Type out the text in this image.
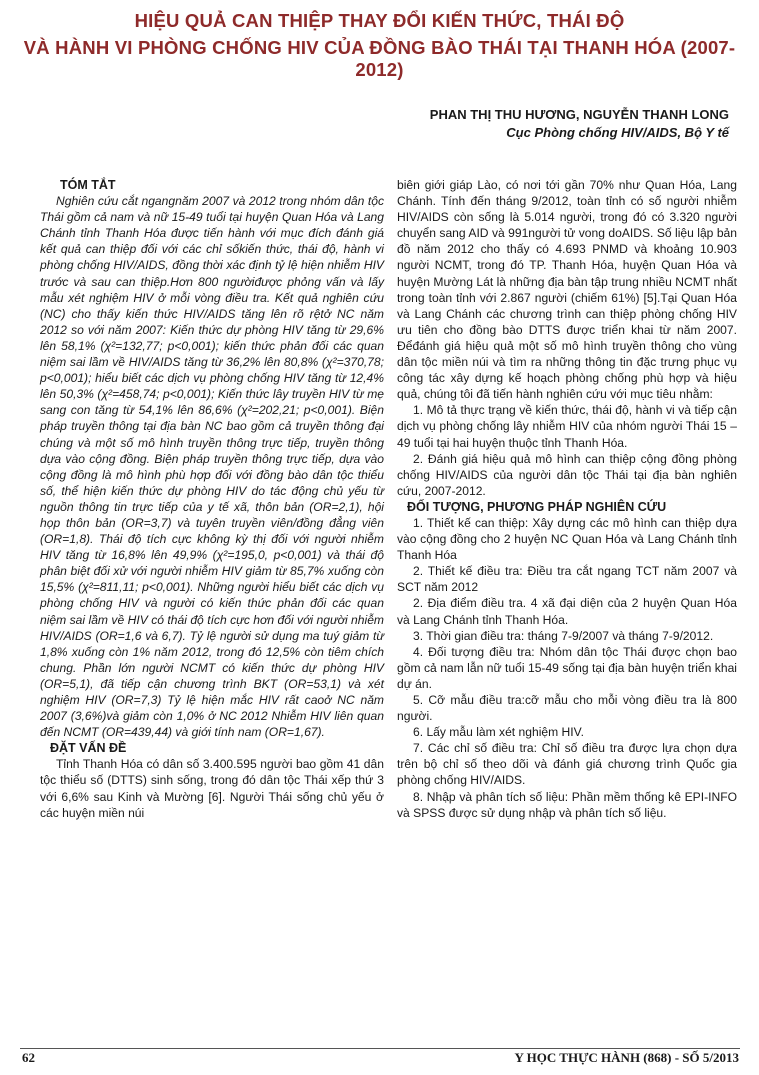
HIỆU QUẢ CAN THIỆP THAY ĐỔI KIẾN THỨC, THÁI ĐỘ
VÀ HÀNH VI PHÒNG CHỐNG HIV CỦA ĐỒNG BÀO THÁI TẠI THANH HÓA (2007-2012)
PHAN THỊ THU HƯƠNG, NGUYỄN THANH LONG
Cục Phòng chống HIV/AIDS, Bộ Y tế
TÓM TẮT

Nghiên cứu cắt ngangnăm 2007 và 2012 trong nhóm dân tộc Thái gồm cả nam và nữ 15-49 tuổi tại huyện Quan Hóa và Lang Chánh tỉnh Thanh Hóa được tiến hành với mục đích đánh giá kết quả can thiệp đối với các chỉ sốkiến thức, thái độ, hành vi phòng chống HIV/AIDS, đồng thời xác định tỷ lệ hiện nhiễm HIV trước và sau can thiệp.Hơn 800 ngườiđược phỏng vấn và lấy mẫu xét nghiệm HIV ở mỗi vòng điều tra. Kết quả nghiên cứu (NC) cho thấy kiến thức HIV/AIDS tăng lên rõ rệtở NC năm 2012 so với năm 2007: Kiến thức dự phòng HIV tăng từ 29,6% lên 58,1% (χ²=132,77; p<0,001); kiến thức phản đối các quan niệm sai lầm về HIV/AIDS tăng từ 36,2% lên 80,8% (χ²=370,78; p<0,001); hiểu biết các dịch vụ phòng chống HIV tăng từ 12,4% lên 50,3% (χ²=458,74; p<0,001); Kiến thức lây truyền HIV từ mẹ sang con tăng từ 54,1% lên 86,6% (χ²=202,21; p<0,001). Biện pháp truyền thông tại địa bàn NC bao gồm cả truyền thông đại chúng và một số mô hình truyền thông trực tiếp, truyền thông dựa vào cộng đồng. Biện pháp truyền thông trực tiếp, dựa vào cộng đồng là mô hình phù hợp đối với đồng bào dân tộc thiểu số, thể hiện kiến thức dự phòng HIV do tác động chủ yếu từ nguồn thông tin trực tiếp của y tế xã, thôn bản (OR=2,1), hội họp thôn bản (OR=3,7) và tuyên truyền viên/đồng đẳng viên (OR=1,8). Thái độ tích cực không kỳ thị đối với người nhiễm HIV tăng từ 16,8% lên 49,9% (χ²=195,0, p<0,001) và thái độ phân biệt đối xử với người nhiễm HIV giảm từ 85,7% xuống còn 15,5% (χ²=811,11; p<0,001). Những người hiểu biết các dịch vụ phòng chống HIV và người có kiến thức phản đối các quan niệm sai lầm về HIV có thái độ tích cực hơn đối với người nhiễm HIV/AIDS (OR=1,6 và 6,7). Tỷ lệ người sử dụng ma tuý giảm từ 1,8% xuống còn 1% năm 2012, trong đó 12,5% còn tiêm chích chung. Phần lớn người NCMT có kiến thức dự phòng HIV (OR=5,1), đã tiếp cận chương trình BKT (OR=53,1) và xét nghiệm HIV (OR=7,3) Tỷ lệ hiện mắc HIV rất caoở NC năm 2007 (3,6%)và giảm còn 1,0% ở NC 2012 Nhiễm HIV liên quan đến NCMT (OR=439,44) và giới tính nam (OR=1,67).

ĐẶT VẤN ĐỀ

Tỉnh Thanh Hóa có dân số 3.400.595 người bao gồm 41 dân tộc thiểu số (DTTS) sinh sống, trong đó dân tộc Thái xếp thứ 3 với 6,6% sau Kinh và Mường [6]. Người Thái sống chủ yếu ở các huyện miền núi

biên giới giáp Lào, có nơi tới gần 70% như Quan Hóa, Lang Chánh. Tính đến tháng 9/2012, toàn tỉnh có số người nhiễm HIV/AIDS còn sống là 5.014 người, trong đó có 3.320 người chuyển sang AID và 991người tử vong doAIDS. Số liệu lập bản đồ năm 2012 cho thấy có 4.693 PNMD và khoảng 10.903 người NCMT, trong đó TP. Thanh Hóa, huyện Quan Hóa và huyện Mường Lát là những địa bàn tập trung nhiều NCMT nhất trong toàn tỉnh với 2.867 người (chiếm 61%) [5].Tại Quan Hóa và Lang Chánh các chương trình can thiệp phòng chống HIV ưu tiên cho đồng bào DTTS được triển khai từ năm 2007. Đểđánh giá hiệu quả một số mô hình truyền thông cho vùng dân tộc miền núi và tìm ra những thông tin đặc trưng phục vụ công tác xây dựng kế hoạch phòng chống phù hợp và hiệu quả, chúng tôi đã tiến hành nghiên cứu với mục tiêu nhằm:

1. Mô tả thực trạng về kiến thức, thái độ, hành vi và tiếp cận dịch vụ phòng chống lây nhiễm HIV của nhóm người Thái 15 – 49 tuổi tại hai huyện thuộc tỉnh Thanh Hóa.

2. Đánh giá hiệu quả mô hình can thiệp cộng đồng phòng chống HIV/AIDS của người dân tộc Thái tại địa bàn nghiên cứu, 2007-2012.

ĐỐI TƯỢNG, PHƯƠNG PHÁP NGHIÊN CỨU

1. Thiết kế can thiệp: Xây dựng các mô hình can thiệp dựa vào cộng đồng cho 2 huyện NC Quan Hóa và Lang Chánh tỉnh Thanh Hóa

2. Thiết kế điều tra: Điều tra cắt ngang TCT năm 2007 và SCT năm 2012

2. Địa điểm điều tra. 4 xã đại diện của 2 huyện Quan Hóa và Lang Chánh tỉnh Thanh Hóa.

3. Thời gian điều tra: tháng 7-9/2007 và tháng 7-9/2012.

4. Đối tượng điều tra: Nhóm dân tộc Thái được chọn bao gồm cả nam lẫn nữ tuổi 15-49 sống tại địa bàn huyện triển khai dự án.

5. Cỡ mẫu điều tra:cỡ mẫu cho mỗi vòng điều tra là 800 người.

6. Lấy mẫu làm xét nghiệm HIV.

7. Các chỉ số điều tra: Chỉ số điều tra được lựa chọn dựa trên bộ chỉ số theo dõi và đánh giá chương trình Quốc gia phòng chống HIV/AIDS.

8. Nhập và phân tích số liệu: Phần mềm thống kê EPI-INFO và SPSS được sử dụng nhập và phân tích số liệu.

62	Y HỌC THỰC HÀNH (868) - SỐ 5/2013
